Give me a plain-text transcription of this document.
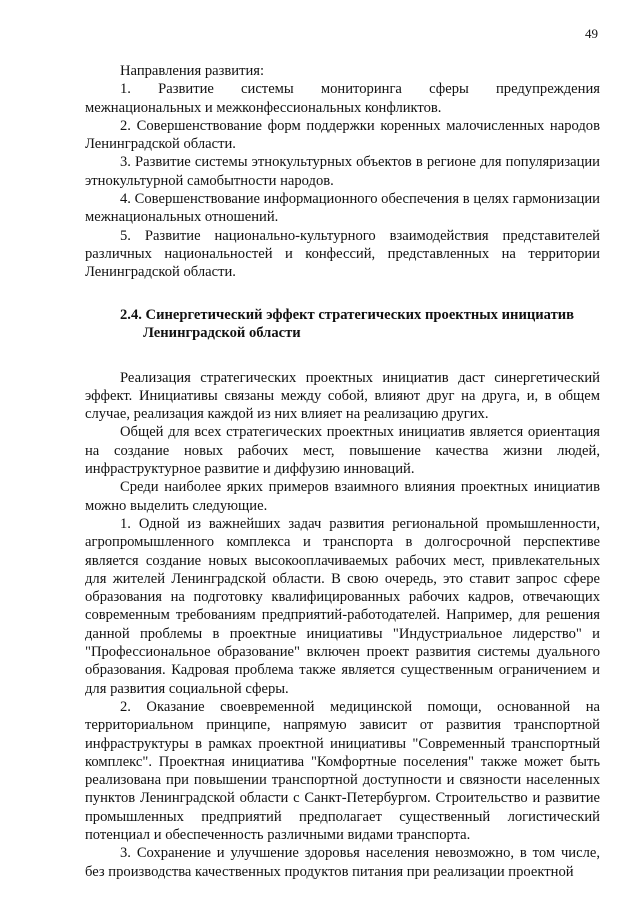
49

Направления развития:

1. Развитие системы мониторинга сферы предупреждения межнациональных и межконфессиональных конфликтов.

2. Совершенствование форм поддержки коренных малочисленных народов Ленинградской области.

3. Развитие системы этнокультурных объектов в регионе для популяризации этнокультурной самобытности народов.

4. Совершенствование информационного обеспечения в целях гармонизации межнациональных отношений.

5. Развитие национально-культурного взаимодействия представителей различных национальностей и конфессий, представленных на территории Ленинградской области.

2.4. Синергетический эффект стратегических проектных инициатив
Ленинградской области

Реализация стратегических проектных инициатив даст синергетический эффект. Инициативы связаны между собой, влияют друг на друга, и, в общем случае, реализация каждой из них влияет на реализацию других.

Общей для всех стратегических проектных инициатив является ориентация на создание новых рабочих мест, повышение качества жизни людей, инфраструктурное развитие и диффузию инноваций.

Среди наиболее ярких примеров взаимного влияния проектных инициатив можно выделить следующие.

1. Одной из важнейших задач развития региональной промышленности, агропромышленного комплекса и транспорта в долгосрочной перспективе является создание новых высокооплачиваемых рабочих мест, привлекательных для жителей Ленинградской области. В свою очередь, это ставит запрос сфере образования на подготовку квалифицированных рабочих кадров, отвечающих современным требованиям предприятий-работодателей. Например, для решения данной проблемы в проектные инициативы "Индустриальное лидерство" и "Профессиональное образование" включен проект развития системы дуального образования. Кадровая проблема также является существенным ограничением и для развития социальной сферы.

2. Оказание своевременной медицинской помощи, основанной на территориальном принципе, напрямую зависит от развития транспортной инфраструктуры в рамках проектной инициативы "Современный транспортный комплекс". Проектная инициатива "Комфортные поселения" также может быть реализована при повышении транспортной доступности и связности населенных пунктов Ленинградской области с Санкт-Петербургом. Строительство и развитие промышленных предприятий предполагает существенный логистический потенциал и обеспеченность различными видами транспорта.

3. Сохранение и улучшение здоровья населения невозможно, в том числе, без производства качественных продуктов питания при реализации проектной
